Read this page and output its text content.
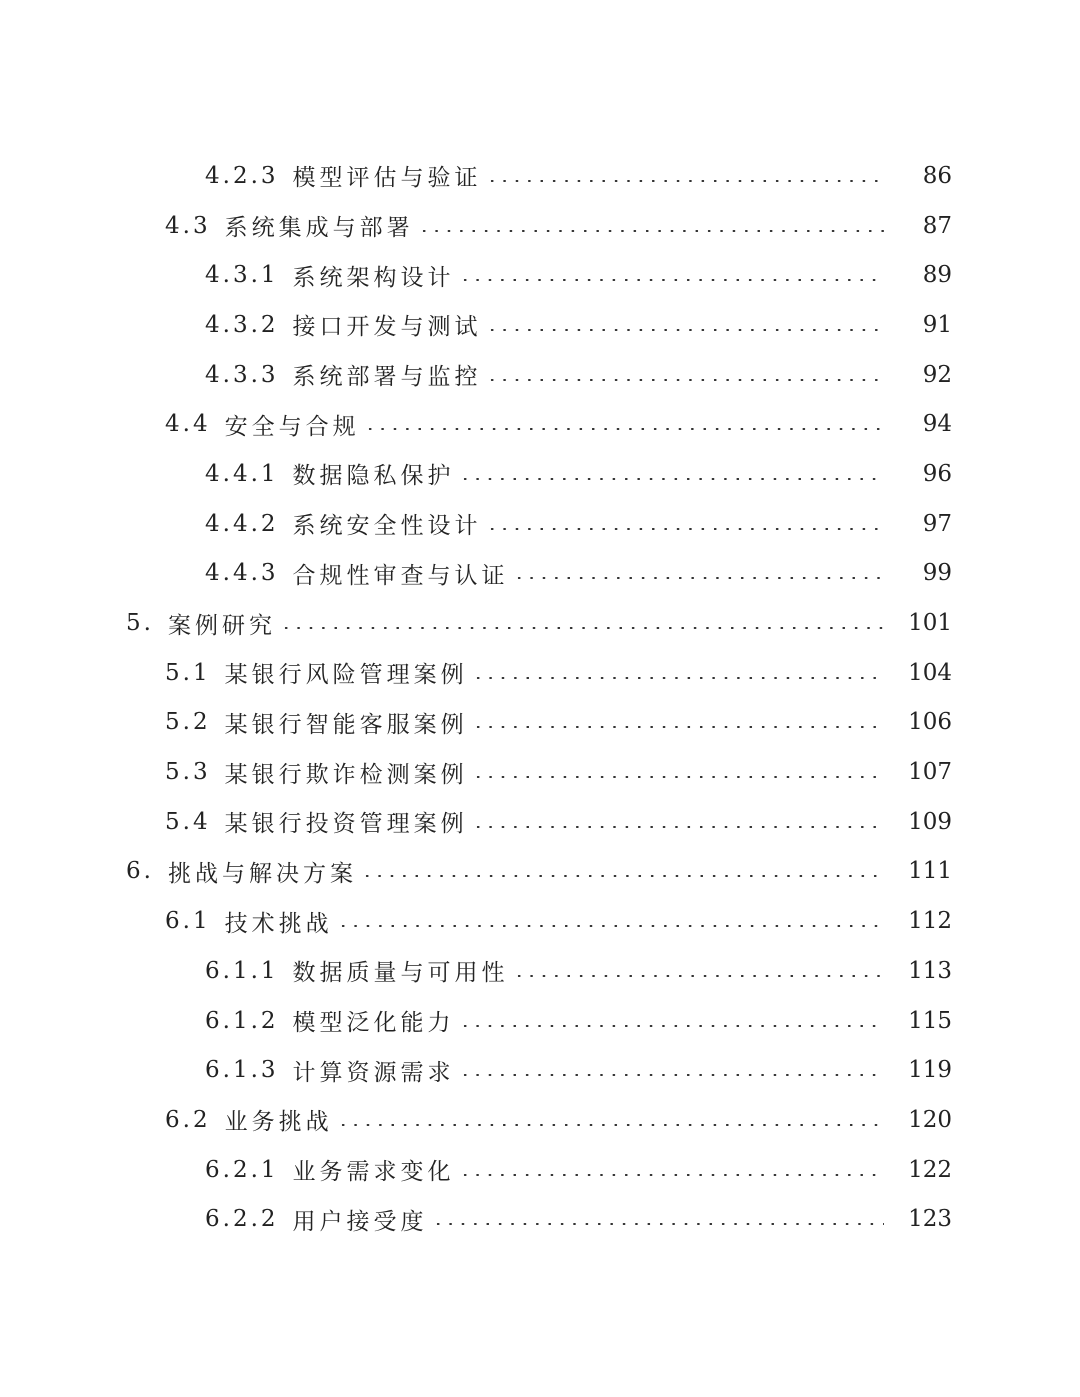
4.2.3 模型评估与验证	86
4.3 系统集成与部署	87
4.3.1 系统架构设计	89
4.3.2 接口开发与测试	91
4.3.3 系统部署与监控	92
4.4 安全与合规	94
4.4.1 数据隐私保护	96
4.4.2 系统安全性设计	97
4.4.3 合规性审查与认证	99
5. 案例研究	101
5.1 某银行风险管理案例	104
5.2 某银行智能客服案例	106
5.3 某银行欺诈检测案例	107
5.4 某银行投资管理案例	109
6. 挑战与解决方案	111
6.1 技术挑战	112
6.1.1 数据质量与可用性	113
6.1.2 模型泛化能力	115
6.1.3 计算资源需求	119
6.2 业务挑战	120
6.2.1 业务需求变化	122
6.2.2 用户接受度	123
